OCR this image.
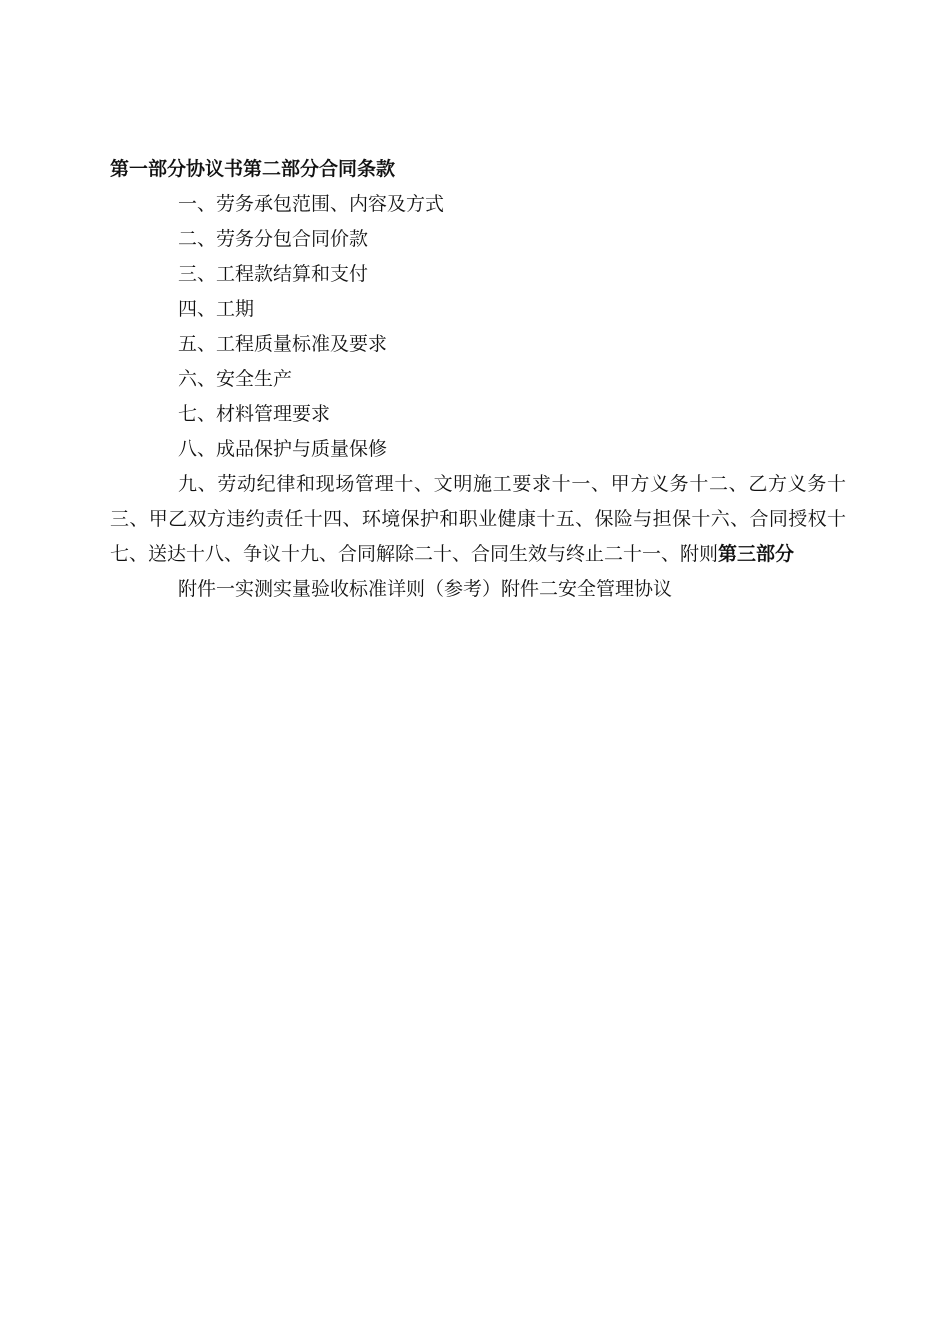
第一部分协议书第二部分合同条款

一、劳务承包范围、内容及方式

二、劳务分包合同价款

三、工程款结算和支付

四、工期

五、工程质量标准及要求

六、安全生产

七、材料管理要求

八、成品保护与质量保修

九、劳动纪律和现场管理十、文明施工要求十一、甲方义务十二、乙方义务十三、甲乙双方违约责任十四、环境保护和职业健康十五、保险与担保十六、合同授权十七、送达十八、争议十九、合同解除二十、合同生效与终止二十一、附则第三部分

附件一实测实量验收标准详则（参考）附件二安全管理协议
